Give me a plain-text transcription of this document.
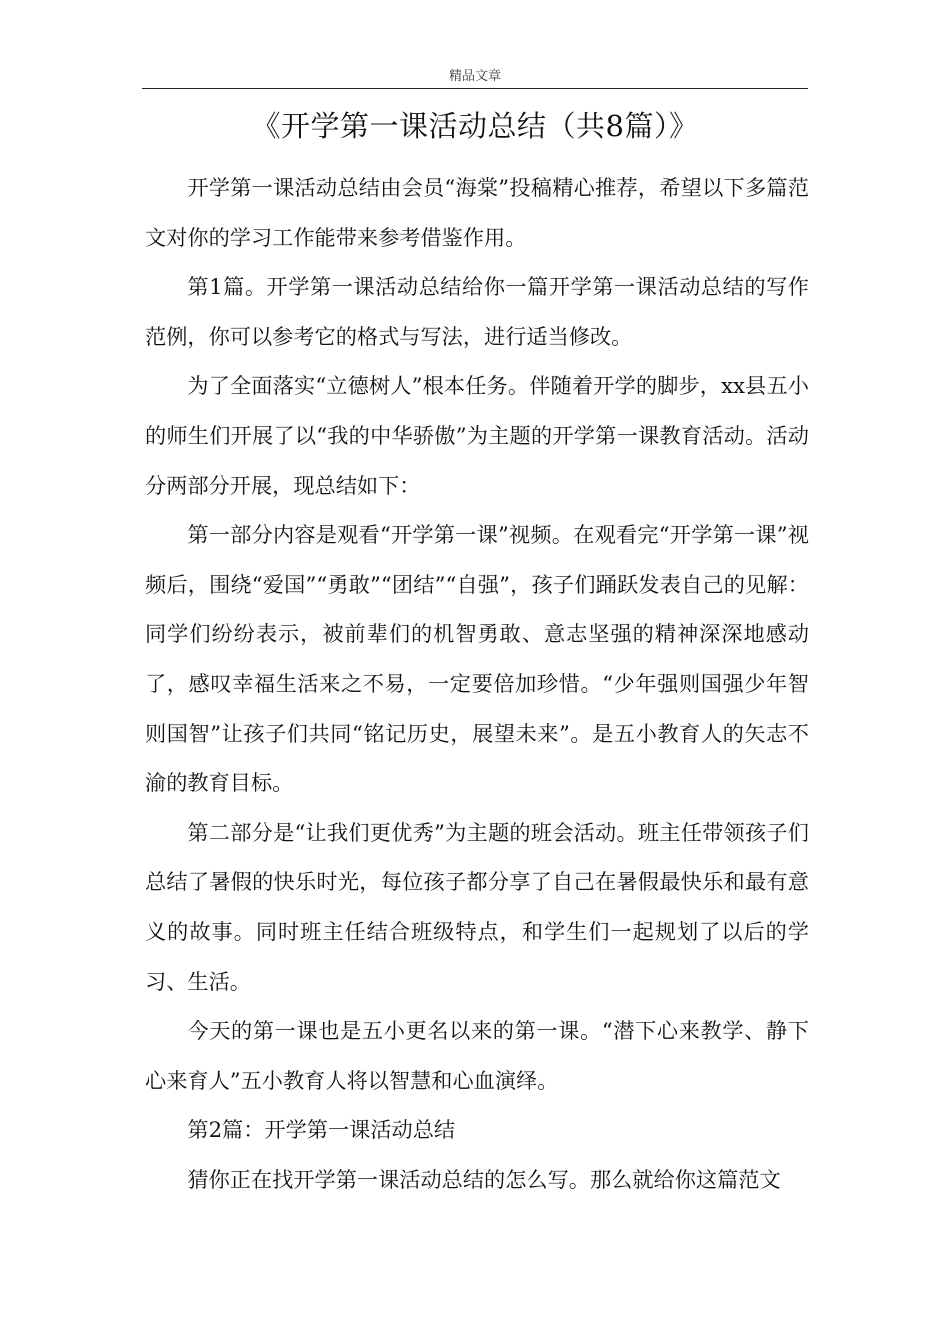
精品文章
《开学第一课活动总结（共8篇）》

开学第一课活动总结由会员“海棠”投稿精心推荐，希望以下多篇范文对你的学习工作能带来参考借鉴作用。

第1篇。开学第一课活动总结给你一篇开学第一课活动总结的写作范例，你可以参考它的格式与写法，进行适当修改。

为了全面落实“立德树人”根本任务。伴随着开学的脚步，xx县五小的师生们开展了以“我的中华骄傲”为主题的开学第一课教育活动。活动分两部分开展，现总结如下：

第一部分内容是观看“开学第一课”视频。在观看完“开学第一课”视频后，围绕“爱国”“勇敢”“团结”“自强”，孩子们踊跃发表自己的见解：同学们纷纷表示，被前辈们的机智勇敢、意志坚强的精神深深地感动了，感叹幸福生活来之不易，一定要倍加珍惜。“少年强则国强少年智则国智”让孩子们共同“铭记历史，展望未来”。是五小教育人的矢志不渝的教育目标。

第二部分是“让我们更优秀”为主题的班会活动。班主任带领孩子们总结了暑假的快乐时光，每位孩子都分享了自己在暑假最快乐和最有意义的故事。同时班主任结合班级特点，和学生们一起规划了以后的学习、生活。

今天的第一课也是五小更名以来的第一课。“潜下心来教学、静下心来育人”五小教育人将以智慧和心血演绎。

第2篇：开学第一课活动总结

猜你正在找开学第一课活动总结的怎么写。那么就给你这篇范文
